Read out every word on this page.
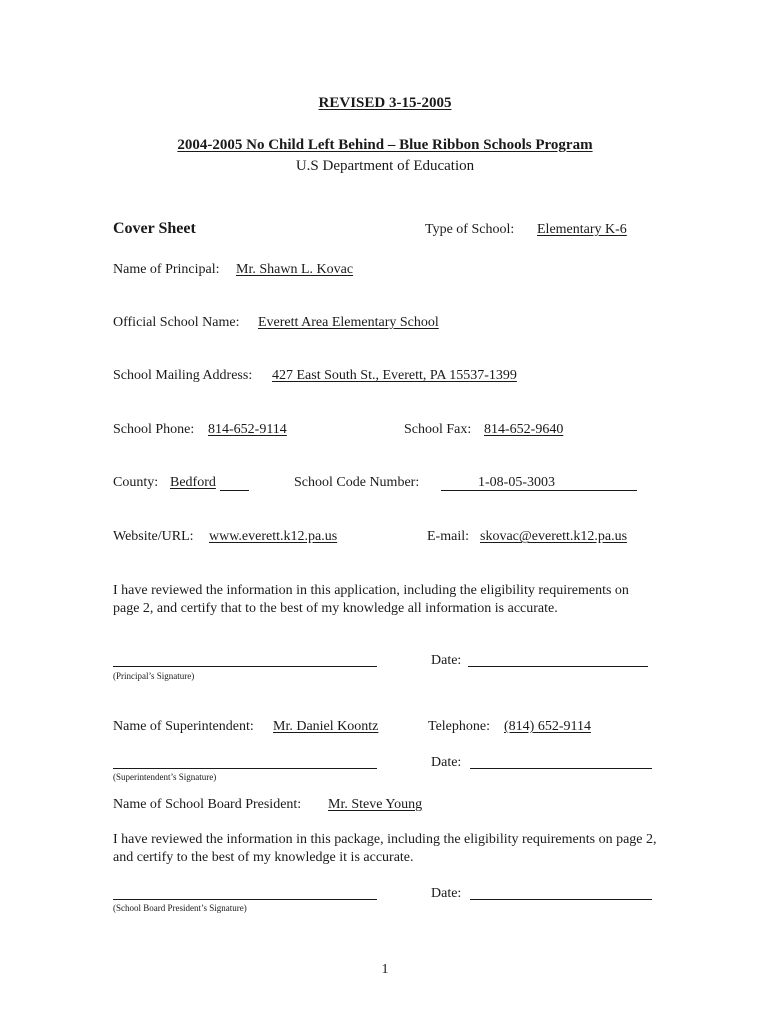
REVISED 3-15-2005
2004-2005 No Child Left Behind – Blue Ribbon Schools Program
U.S Department of Education
Cover Sheet	Type of School: Elementary K-6
Name of Principal: Mr. Shawn L. Kovac
Official School Name: Everett Area Elementary School
School Mailing Address: 427 East South St., Everett, PA 15537-1399
School Phone: 814-652-9114	School Fax: 814-652-9640
County: Bedford	School Code Number:	1-08-05-3003
Website/URL: www.everett.k12.pa.us	E-mail: skovac@everett.k12.pa.us
I have reviewed the information in this application, including the eligibility requirements on page 2, and certify that to the best of my knowledge all information is accurate.
Date:
(Principal’s Signature)
Name of Superintendent: Mr. Daniel Koontz	Telephone: (814) 652-9114
Date:
(Superintendent’s Signature)
Name of School Board President: Mr. Steve Young
I have reviewed the information in this package, including the eligibility requirements on page 2, and certify to the best of my knowledge it is accurate.
Date:
(School Board President’s Signature)
1
